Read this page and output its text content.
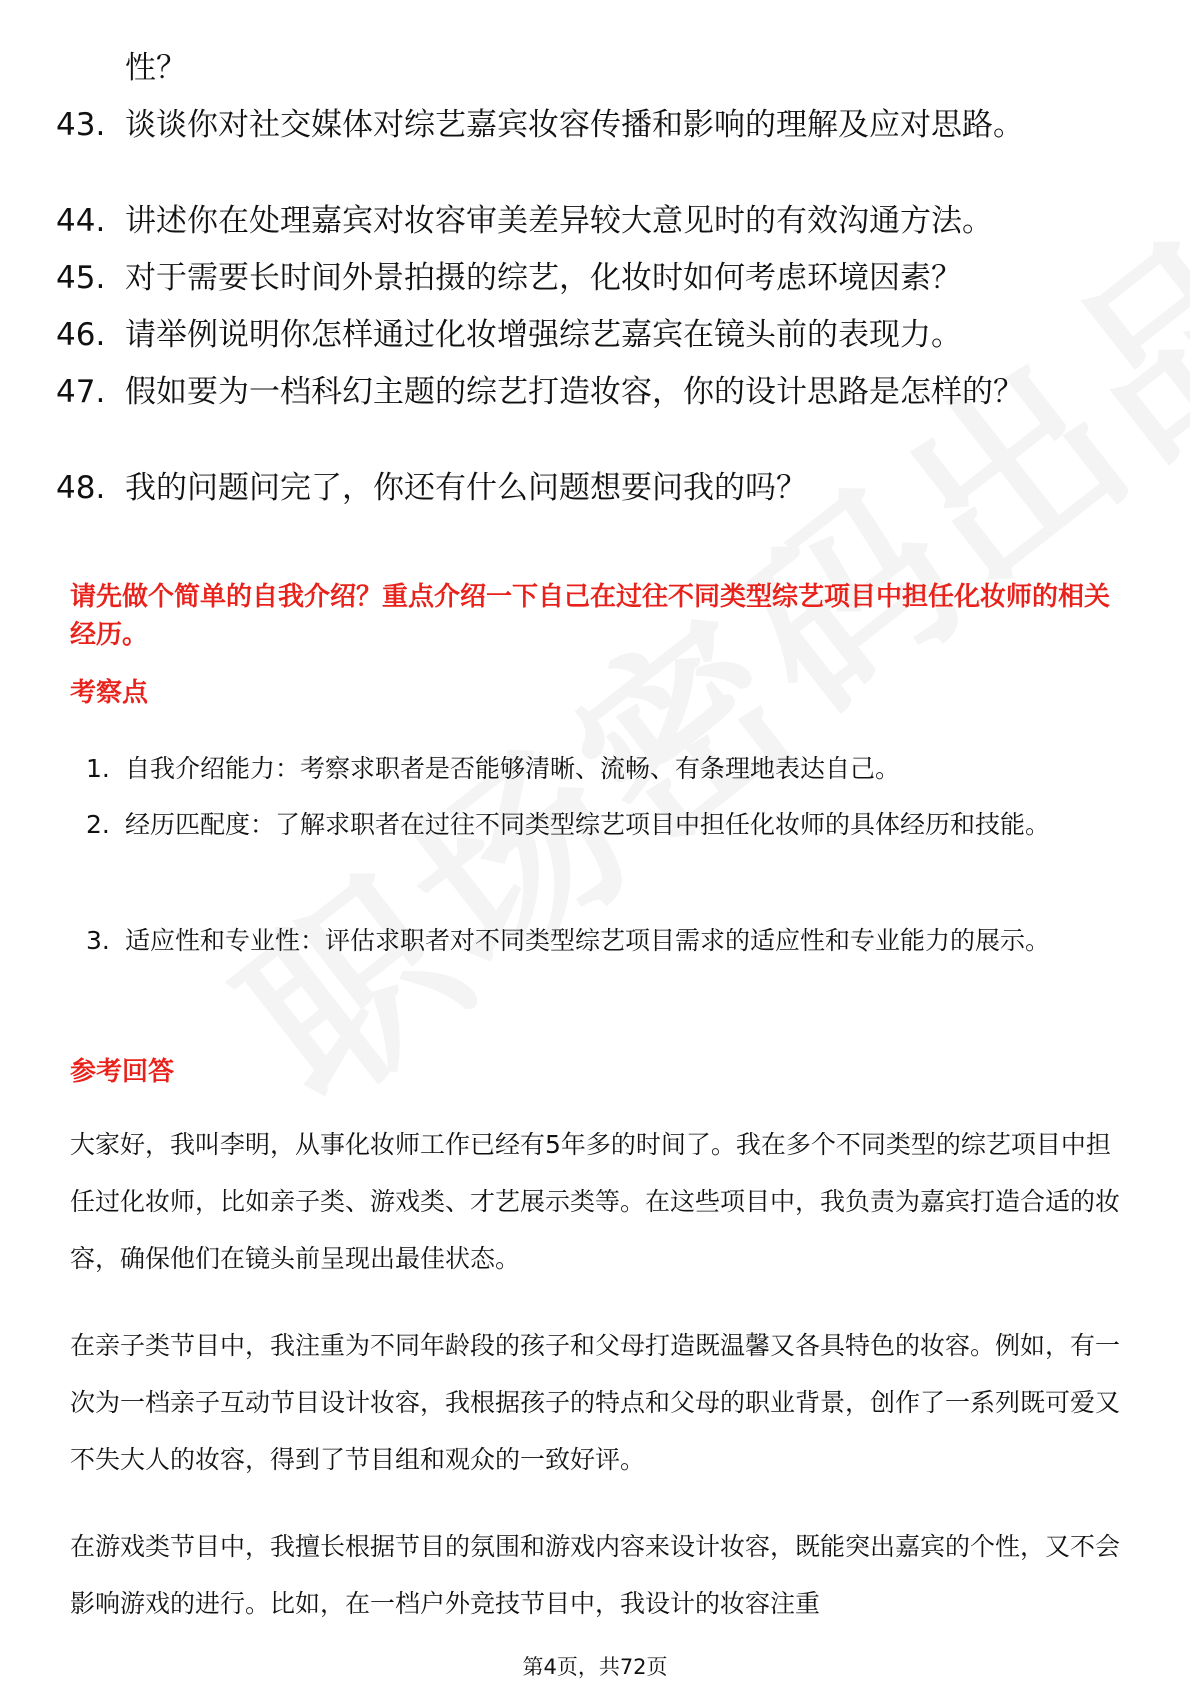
性？
43. 谈谈你对社交媒体对综艺嘉宾妆容传播和影响的理解及应对思路。
44. 讲述你在处理嘉宾对妆容审美差异较大意见时的有效沟通方法。
45. 对于需要长时间外景拍摄的综艺，化妆时如何考虑环境因素？
46. 请举例说明你怎样通过化妆增强综艺嘉宾在镜头前的表现力。
47. 假如要为一档科幻主题的综艺打造妆容，你的设计思路是怎样的？
48. 我的问题问完了，你还有什么问题想要问我的吗？
请先做个简单的自我介绍？重点介绍一下自己在过往不同类型综艺项目中担任化妆师的相关经历。
考察点
1. 自我介绍能力：考察求职者是否能够清晰、流畅、有条理地表达自己。
2. 经历匹配度：了解求职者在过往不同类型综艺项目中担任化妆师的具体经历和技能。
3. 适应性和专业性：评估求职者对不同类型综艺项目需求的适应性和专业能力的展示。
参考回答
大家好，我叫李明，从事化妆师工作已经有5年多的时间了。我在多个不同类型的综艺项目中担任过化妆师，比如亲子类、游戏类、才艺展示类等。在这些项目中，我负责为嘉宾打造合适的妆容，确保他们在镜头前呈现出最佳状态。
在亲子类节目中，我注重为不同年龄段的孩子和父母打造既温馨又各具特色的妆容。例如，有一次为一档亲子互动节目设计妆容，我根据孩子的特点和父母的职业背景，创作了一系列既可爱又不失大人的妆容，得到了节目组和观众的一致好评。
在游戏类节目中，我擅长根据节目的氛围和游戏内容来设计妆容，既能突出嘉宾的个性，又不会影响游戏的进行。比如，在一档户外竞技节目中，我设计的妆容注重
第4页，共72页
